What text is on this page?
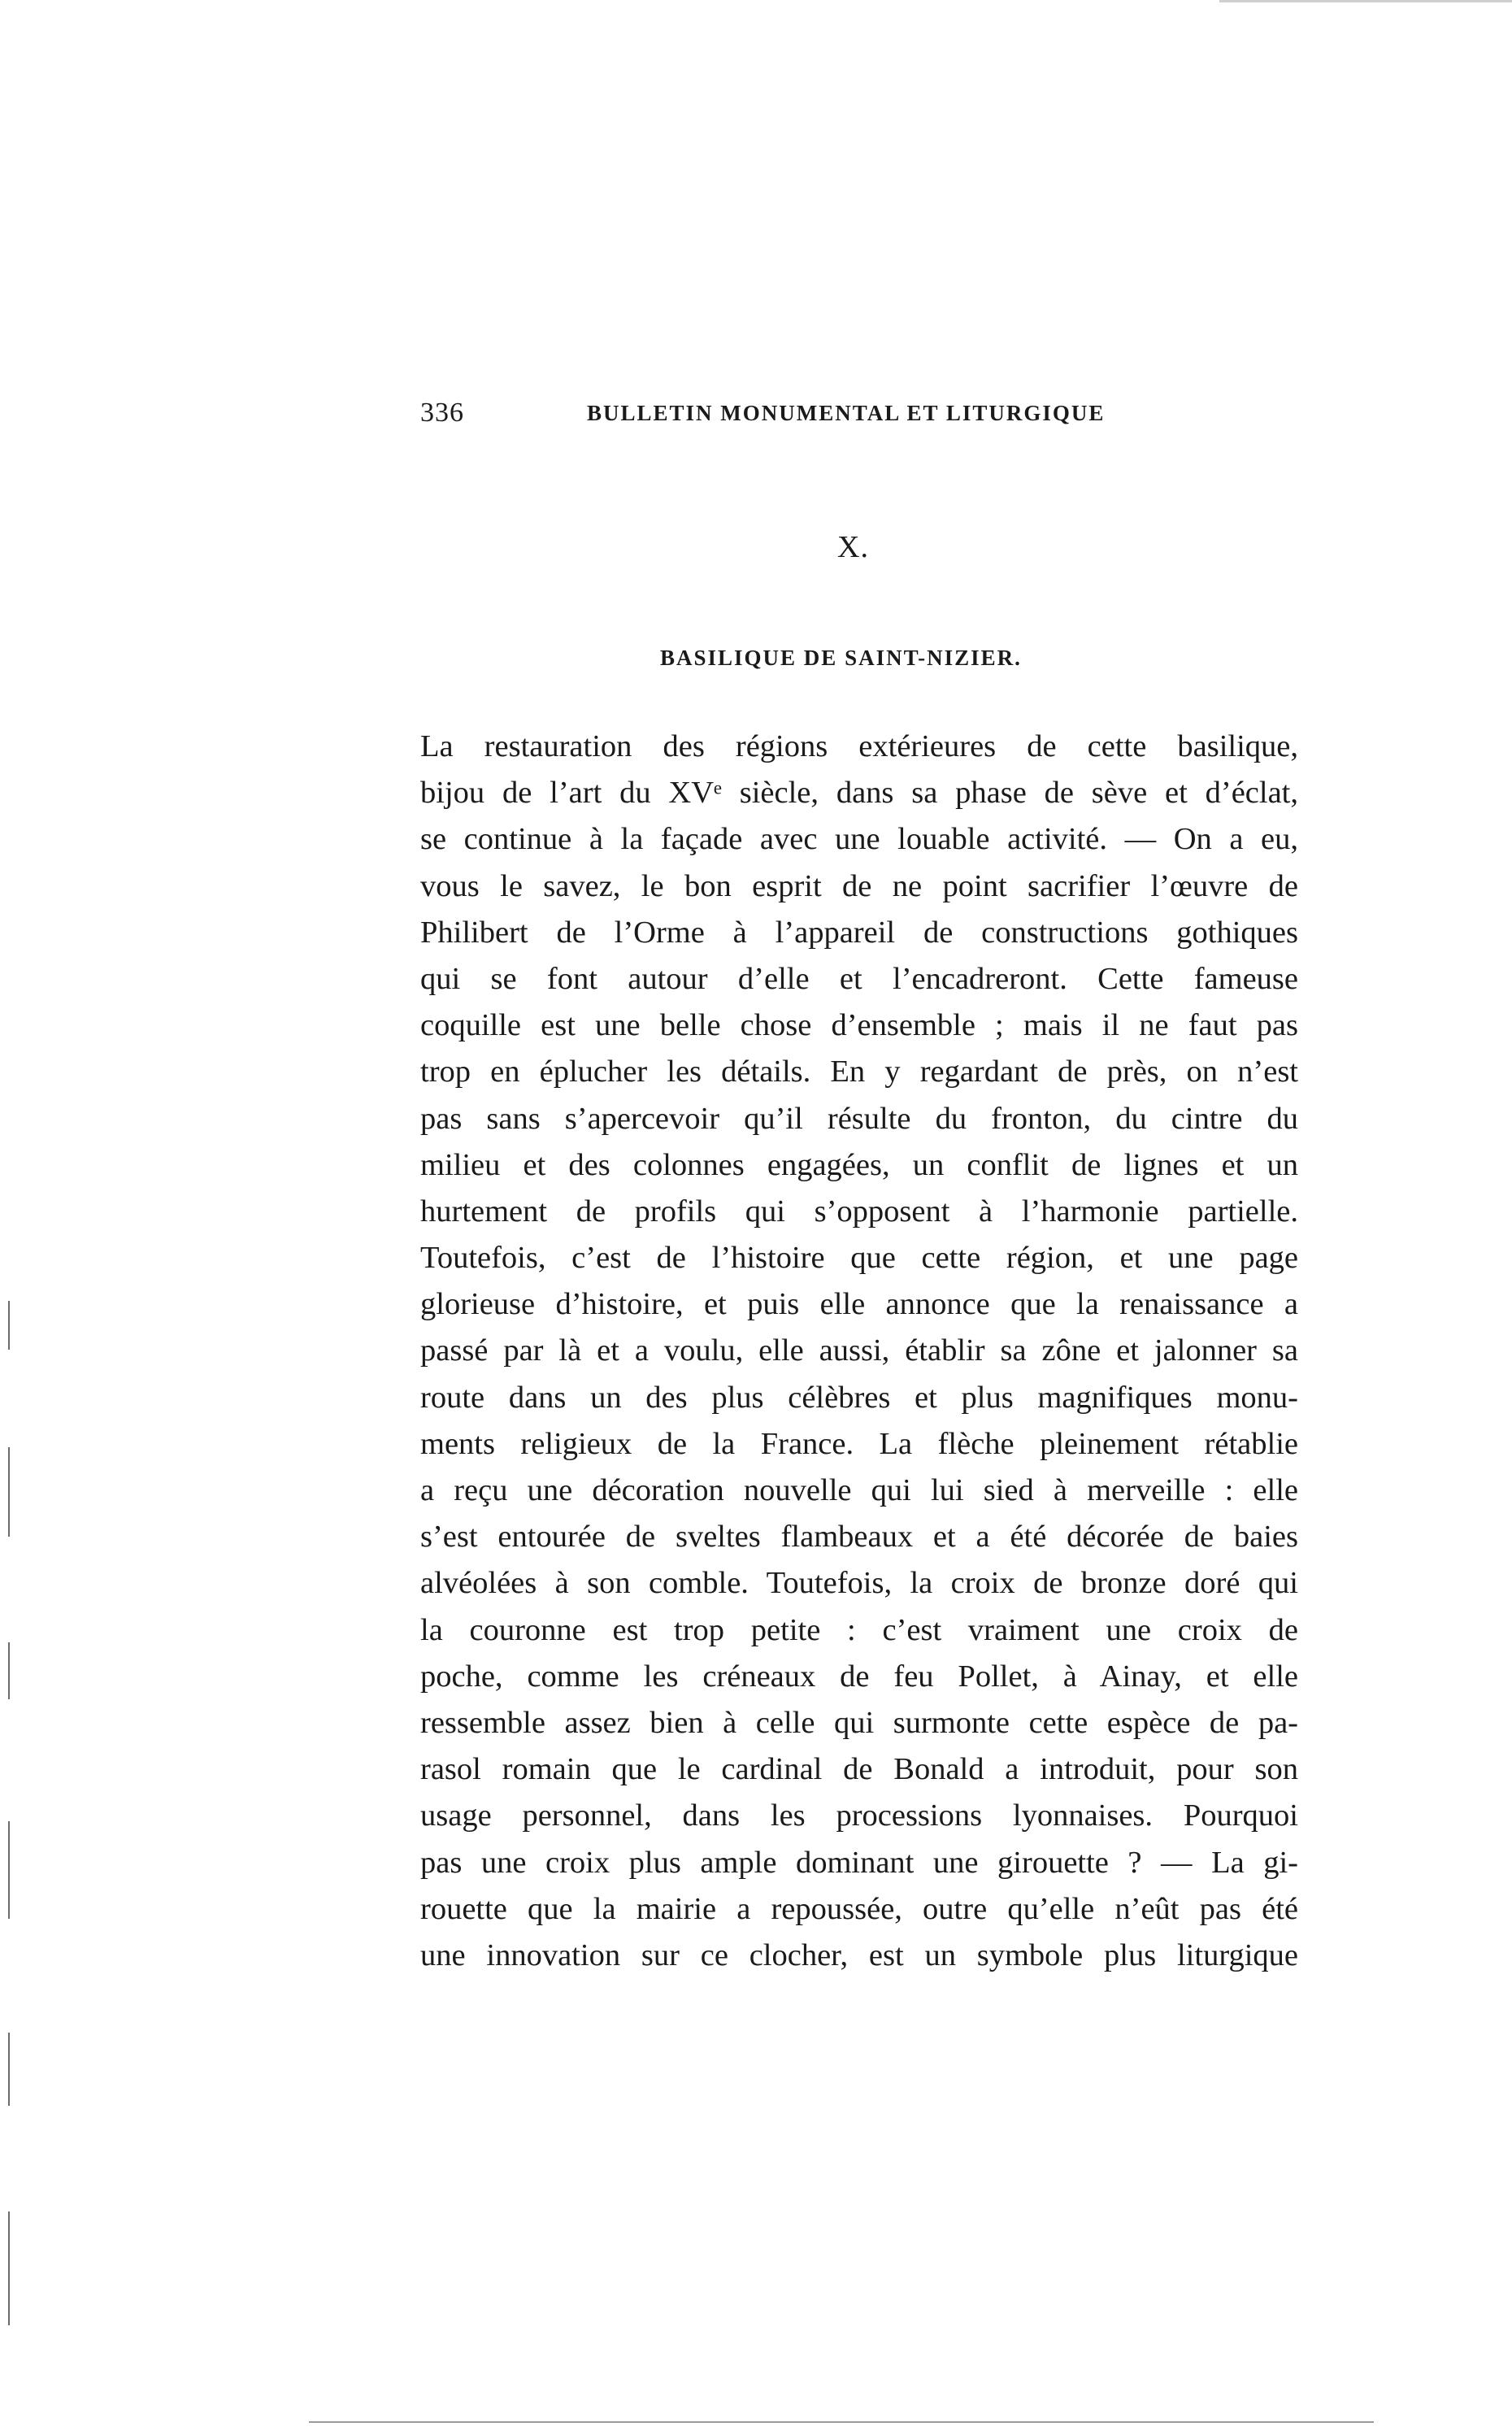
336	BULLETIN MONUMENTAL ET LITURGIQUE
X.
BASILIQUE DE SAINT-NIZIER.
La restauration des régions extérieures de cette basilique,
bijou de l’art du XVᵉ siècle, dans sa phase de sève et d’éclat,
se continue à la façade avec une louable activité. — On a eu,
vous le savez, le bon esprit de ne point sacrifier l’œuvre de
Philibert de l’Orme à l’appareil de constructions gothiques
qui se font autour d’elle et l’encadreront. Cette fameuse
coquille est une belle chose d’ensemble ; mais il ne faut pas
trop en éplucher les détails. En y regardant de près, on n’est
pas sans s’apercevoir qu’il résulte du fronton, du cintre du
milieu et des colonnes engagées, un conflit de lignes et un
hurtement de profils qui s’opposent à l’harmonie partielle.
Toutefois, c’est de l’histoire que cette région, et une page
glorieuse d’histoire, et puis elle annonce que la renaissance a
passé par là et a voulu, elle aussi, établir sa zône et jalonner sa
route dans un des plus célèbres et plus magnifiques monu-
ments religieux de la France. La flèche pleinement rétablie
a reçu une décoration nouvelle qui lui sied à merveille : elle
s’est entourée de sveltes flambeaux et a été décorée de baies
alvéolées à son comble. Toutefois, la croix de bronze doré qui
la couronne est trop petite : c’est vraiment une croix de
poche, comme les créneaux de feu Pollet, à Ainay, et elle
ressemble assez bien à celle qui surmonte cette espèce de pa-
rasol romain que le cardinal de Bonald a introduit, pour son
usage personnel, dans les processions lyonnaises. Pourquoi
pas une croix plus ample dominant une girouette ? — La gi-
rouette que la mairie a repoussée, outre qu’elle n’eût pas été
une innovation sur ce clocher, est un symbole plus liturgique
